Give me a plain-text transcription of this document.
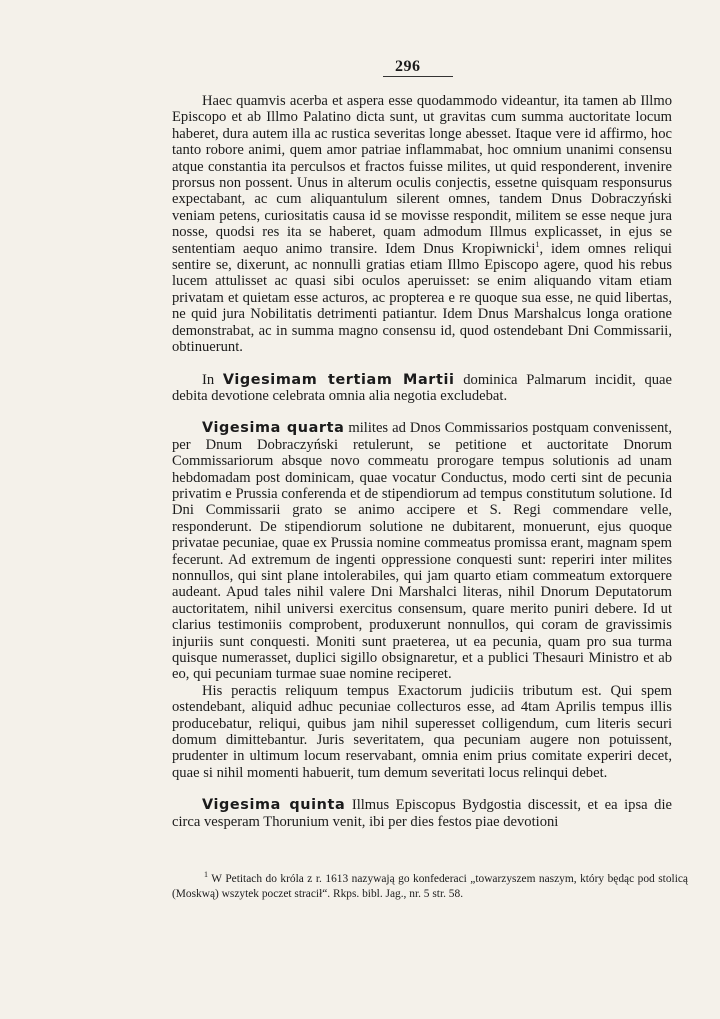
296

Haec quamvis acerba et aspera esse quodammodo videantur, ita tamen ab Illmo Episcopo et ab Illmo Palatino dicta sunt, ut gravitas cum summa auctoritate locum haberet, dura autem illa ac rustica severitas longe abesset. Itaque vere id affirmo, hoc tanto robore animi, quem amor patriae inflammabat, hoc omnium unanimi consensu atque constantia ita perculsos et fractos fuisse milites, ut quid responderent, invenire prorsus non possent. Unus in alterum oculis conjectis, essetne quisquam responsurus expectabant, ac cum aliquantulum silerent omnes, tandem Dnus Dobraczyński veniam petens, curiositatis causa id se movisse respondit, militem se esse neque jura nosse, quodsi res ita se haberet, quam admodum Illmus explicasset, in ejus se sententiam aequo animo transire. Idem Dnus Kropiwnicki$^1$, idem omnes reliqui sentire se, dixerunt, ac nonnulli gratias etiam Illmo Episcopo agere, quod his rebus lucem attulisset ac quasi sibi oculos aperuisset: se enim aliquando vitam etiam privatam et quietam esse acturos, ac propterea e re quoque sua esse, ne quid libertas, ne quid jura Nobilitatis detrimenti patiantur. Idem Dnus Marshalcus longa oratione demonstrabat, ac in summa magno consensu id, quod ostendebant Dni Commissarii, obtinuerunt.

In Vigesimam tertiam Martii dominica Palmarum incidit, quae debita devotione celebrata omnia alia negotia excludebat.

Vigesima quarta milites ad Dnos Commissarios postquam convenissent, per Dnum Dobraczyński retulerunt, se petitione et auctoritate Dnorum Commissariorum absque novo commeatu prorogare tempus solutionis ad unam hebdomadam post dominicam, quae vocatur Conductus, modo certi sint de pecunia privatim e Prussia conferenda et de stipendiorum ad tempus constitutum solutione. Id Dni Commissarii grato se animo accipere et S. Regi commendare velle, responderunt. De stipendiorum solutione ne dubitarent, monuerunt, ejus quoque privatae pecuniae, quae ex Prussia nomine commeatus promissa erant, magnam spem fecerunt. Ad extremum de ingenti oppressione conquesti sunt: reperiri inter milites nonnullos, qui sint plane intolerabiles, qui jam quarto etiam commeatum extorquere audeant. Apud tales nihil valere Dni Marshalci literas, nihil Dnorum Deputatorum auctoritatem, nihil universi exercitus consensum, quare merito puniri debere. Id ut clarius testimoniis comprobent, produxerunt nonnullos, qui coram de gravissimis injuriis sunt conquesti. Moniti sunt praeterea, ut ea pecunia, quam pro sua turma quisque numerasset, duplici sigillo obsignaretur, et a publici Thesauri Ministro et ab eo, qui pecuniam turmae suae nomine reciperet.

His peractis reliquum tempus Exactorum judiciis tributum est. Qui spem ostendebant, aliquid adhuc pecuniae collecturos esse, ad 4tam Aprilis tempus illis producebatur, reliqui, quibus jam nihil superesset colligendum, cum literis securi domum dimittebantur. Juris severitatem, qua pecuniam augere non potuissent, prudenter in ultimum locum reservabant, omnia enim prius comitate experiri decet, quae si nihil momenti habuerit, tum demum severitati locus relinqui debet.

Vigesima quinta Illmus Episcopus Bydgostia discessit, et ea ipsa die circa vesperam Thorunium venit, ibi per dies festos piae devotioni

$^1$ W Petitach do króla z r. 1613 nazywają go konfederaci „towarzyszem naszym, który będąc pod stolicą (Moskwą) wszytek poczet stracił“. Rkps. bibl. Jag., nr. 5 str. 58.
